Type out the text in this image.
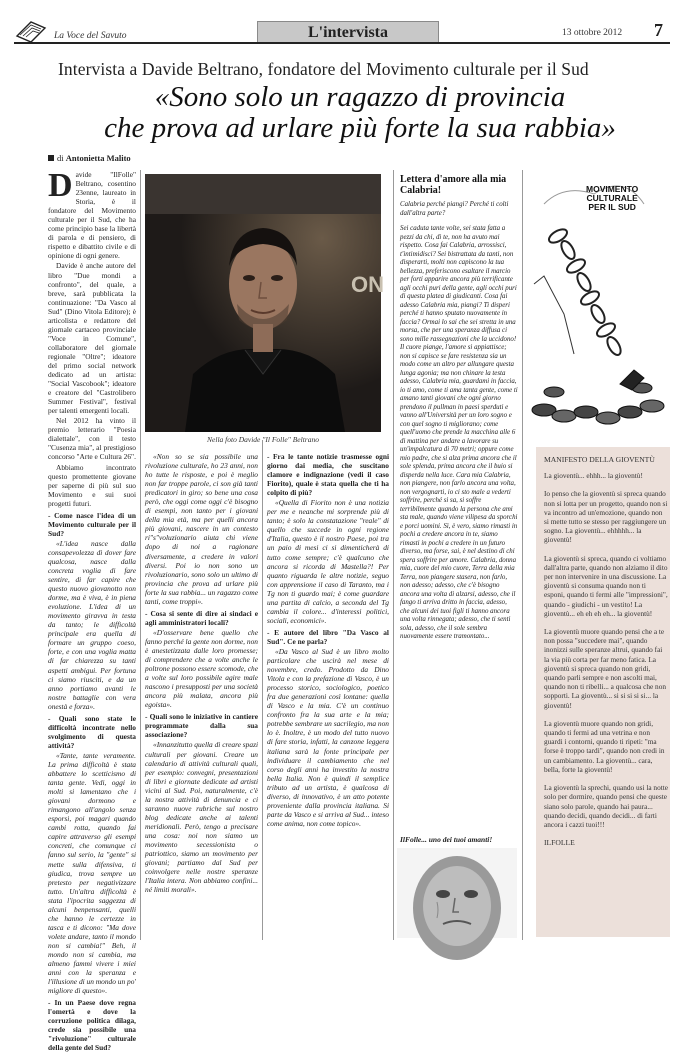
La Voce del Savuto	L'intervista	13 ottobre 2012 7
Intervista a Davide Beltrano, fondatore del Movimento culturale per il Sud
«Sono solo un ragazzo di provincia
che prova ad urlare più forte la sua rabbia»
di Antonietta Malito

Davide "IlFolle" Beltrano, cosentino 23enne, laureato in Storia, è il fondatore del Movimento culturale per il Sud, che ha come principio base la libertà di parola e di pensiero, di rispetto e dibattito civile e di opinione di ogni genere.

Davide è anche autore del libro "Due mondi a confronto", del quale, a breve, sarà pubblicata la continuazione: "Da Vasco al Sud" (Dino Vitola Editore); è articolista e redattore del giornale cartaceo provinciale "Voce in Comune", collaboratore del giornale regionale "Oltre"; ideatore del primo social network dedicato ad un artista: "Social Vascobook"; ideatore e creatore del "Castrolibero Summer Festival", festival per talenti emergenti locali.

Nel 2012 ha vinto il premio letterario "Poesia dialettale", con il testo "Cusenza mia", al prestigioso concorso "Arte e Cultura 26".

Abbiamo incontrato questo promettente giovane per saperne di più sul suo Movimento e sui suoi progetti futuri.

- Come nasce l'idea di un Movimento culturale per il Sud?

«L'idea nasce dalla consapevolezza di dover fare qualcosa, nasce dalla concreta voglia di fare sentire, di far capire che questo nuovo giovanotto non dorme, ma è viva, è in piena evoluzione. L'idea di un movimento giravva in testa da tanto; le difficoltà principale era quella di formare un gruppo coeso, forte, e con una voglia matta di far chiarezza su tanti aspetti ambigui. Per fortuna ci siamo riusciti, e da un anno portiamo avanti le nostre battaglie con vera onestà e forza».

- Quali sono state le difficoltà incontrate nello svolgimento di questa attività?

«Tante, tante veramente. La prima difficoltà è stata abbattere lo scetticismo di tanta gente. Vedi, oggi in molti si lamentano che i giovani dormono e rimangono all'angolo senza esporsi, poi magari quando cambi rotta, quando fai capire attraverso gli esempi concreti, che comunque ci fanno sul serio, la "gente" si mette sulla difensiva, ti giudica, trova sempre un pretesto per negativizzare tutto. Un'altra difficoltà è stata l'ipocrita saggezza di alcuni benpensanti, quelli che hanno le certezze in tasca e ti dicono: "Ma dove volete andare, tanto il mondo non si cambia!" Beh, il mondo non si cambia, ma almeno fammi vivere i miei anni con la speranza e l'illusione di un mondo un po' migliore di questo».

- In un Paese dove regna l'omertà e dove la corruzione politica dilaga, crede sia possibile una "rivoluzione" culturale della gente del Sud?

ON
Nella foto Davide "Il Folle" Beltrano

«Non so se sia possibile una rivoluzione culturale, ho 23 anni, non ho tutte le risposte, e poi è meglio non far troppe parole, ci son già tanti predicatori in giro; so bene una cosa però, che oggi come oggi c'è bisogno di esempi, non tanto per i giovani della mia età, ma per quelli ancora più giovani, nascere in un contesto ri"s"voluzionario aiuta chi viene dopo di noi a ragionare diversamente, a credere in valori diversi. Poi io non sono un rivoluzionario, sono solo un ultimo di provincia che prova ad urlare più forte la sua rabbia... un ragazzo come tanti, come troppi».

- Cosa si sente di dire ai sindaci e agli amministratori locali?

«D'osservare bene quello che fanno perché la gente non dorme, non è anestetizzata dalle loro promesse; di comprendere che a volte anche le poltrone possono essere scomode, che a volte sul loro possibile agire male nascono i presupposti per una società ancora più malata, ancora più egoista».

- Quali sono le iniziative in cantiere programmate dalla sua associazione?

«Innanzitutto quella di creare spazi culturali per giovani. Creare un calendario di attività culturali quali, per esempio: convegni, presentazioni di libri e giornate dedicate ad artisti vicini al Sud. Poi, naturalmente, c'è la nostra attività di denuncia e ci saranno nuove rubriche sul nostro blog dedicate anche ai talenti meridionali. Però, tengo a precisare una cosa: noi non siamo un movimento secessionista o patriottico, siamo un movimento per giovani; partiamo dal Sud per coinvolgere nelle nostre speranze l'Italia intera. Non abbiamo confini... né limiti morali».

- Fra le tante notizie trasmesse ogni giorno dai media, che suscitano clamore e indignazione (vedi il caso Fiorito), quale è stata quella che ti ha colpito di più?

«Quella di Fiorito non è una notizia per me e neanche mi sorprende più di tanto; è solo la constatazione "reale" di quello che succede in ogni regione d'Italia, questo è il nostro Paese, poi tra un paio di mesi ci si dimenticherà di tutto come sempre; c'è qualcuno che ancora si ricorda di Mastella?! Per quanto riguarda le altre notizie, seguo con apprensione il caso di Taranto, ma i Tg non ti guardo mai; è come guardare una partita di calcio, a seconda del Tg cambia il colore... d'interessi politici, sociali, economici».

- E autore del libro "Da Vasco al Sud". Ce ne parla?

«Da Vasco al Sud è un libro molto particolare che uscirà nel mese di novembre, credo. Prodotto da Dino Vitola e con la prefazione di Vasco, è un processo storico, sociologico, poetico fra due generazioni così lontane: quella di Vasco e la mia. C'è un continuo confronto fra la sua arte e la mia; potrebbe sembrare un sacrilegio, ma non lo è. Inoltre, è un modo del tutto nuovo di fare storia, infatti, la canzone leggera italiana sarà la fonte principale per individuare il cambiamento che nel corso degli anni ha investito la nostra bella Italia. Non è quindi il semplice tributo ad un artista, è qualcosa di diverso, di innovativo, è un atto potente proveniente dalla provincia italiana. Si parte da Vasco e si arriva al Sud... inteso come anima, non come topico».

Lettera d'amore alla mia Calabria!

Calabria perché piangi? Perché ti colti dall'altra parte?

Sei caduta tante volte, sei stata fatta a pezzi da chi, di te, non ha avuto mai rispetto. Cosa fai Calabria, arrossisci, t'intimidisci? Sei bistrattata da tanti, non disperarti, molti non capiscono la tua bellezza, preferiscono esaltare il marcio per forti apparire ancora più terrificante agli occhi puri della gente, agli occhi puri di questa platea di giudicanti. Cosa fai adesso Calabria mia, piangi? Ti disperi perché ti hanno sputato nuovamente in faccia? Ormai lo sai che sei stretta in una morsa, che per una speranza diffusa ci sono mille rassegnazioni che la uccidono! Il cuore piange, l'amore si appiattisce; non si capisce se fare resistenza sia un modo come un altro per allungare questa lunga agonia; ma non chinare la testa adesso, Calabria mia, guardami in faccia, io ti amo, come ti ama tanta gente, come ti amano tanti giovani che ogni giorno prendono il pullman in paesi sperduti e vanno all'Università per un loro sogno e con quel sogno ti migliorano; come quell'uomo che prende la macchina alle 6 di mattina per andare a lavorare su un'impalcatura di 70 metri; oppure come mio padre, che si alza prima ancora che il sole splenda, prima ancora che il buio si disperda nella luce. Cara mia Calabria, non piangere, non farlo ancora una volta, non vergognarti, io ci sto male a vederti soffrire, perché si sa, si soffre terribilmente quando la persona che ami sta male, quando viene vilipesa da sporchi e porci uomini. Sì, è vero, siamo rimasti in pochi a credere ancora in te, siamo rimasti in pochi a credere in un futuro diverso, ma forse, sai, è nel destino di chi spera soffrire per amore. Calabria, donna mia, cuore del mio cuore, Terra della mia Terra, non piangere stasera, non farlo, non adesso; adesso, che c'è bisogno ancora una volta di alzarsi, adesso, che il fango ti arriva dritto in faccia, adesso, che alcuni dei tuoi figli ti hanno ancora una volta rinnegata; adesso, che ti senti sola, adesso, che il sole sembra nuovamente essere tramontato...

IlFolle... uno dei tuoi amanti!
MOVIMENTO
CULTURALE
PER IL SUD
MANIFESTO DELLA GIOVENTÙ

La gioventù... ehhh... la gioventù!

Io penso che la gioventù si spreca quando non si lotta per un progetto, quando non si va incontro ad un'emozione, quando non si mette tutto se stesso per raggiungere un sogno. La gioventù... ehhhhh... la gioventù!

La gioventù si spreca, quando ci voltiamo dall'altra parte, quando non alziamo il dito per non intervenire in una discussione. La gioventù si consuma quando non ti esponi, quando ti fermi alle "impressioni", quando - giudichi - un vestito! La gioventù... eh eh eh eh... la gioventù!

La gioventù muore quando pensi che a te non possa "succedere mai", quando inonizzi sulle speranze altrui, quando fai la via più corta per far meno fatica. La gioventù si spreca quando non gridi, quando parli sempre e non ascolti mai, quando non ti ribelli... a qualcosa che non sopporti. La gioventù... si si si si si... la gioventù!

La gioventù muore quando non gridi, quando ti fermi ad una vetrina e non guardi i contorni, quando ti ripeti: "ma forse è troppo tardi", quando non credi in un cambiamento. La gioventù... cara, bella, forte la gioventù!

La gioventù la sprechi, quando usi la notte solo per dormire, quando pensi che queste siano solo parole, quando hai paura... quando decidi, quando decidi... di farti ancora i cazzi tuoi!!!

ILFOLLE
